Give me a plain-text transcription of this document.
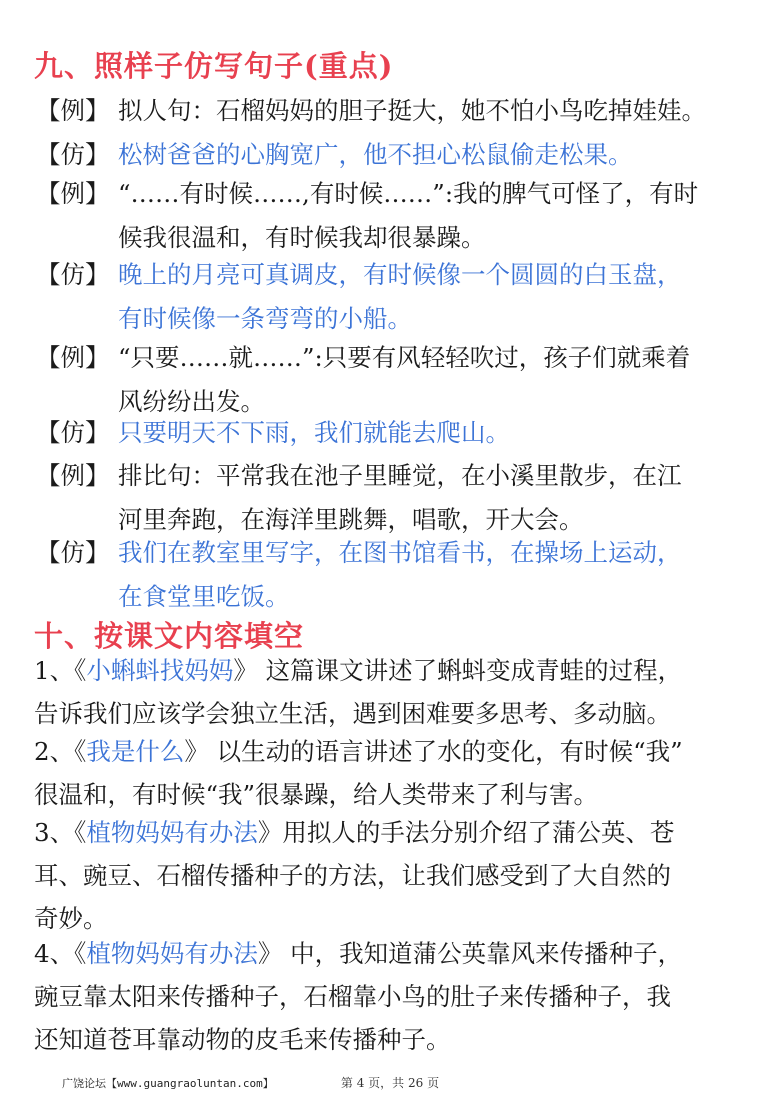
九、照样子仿写句子(重点)
【例】 拟人句：石榴妈妈的胆子挺大，她不怕小鸟吃掉娃娃。
【仿】 松树爸爸的心胸宽广，他不担心松鼠偷走松果。
【例】 “……有时候……,有时候……”:我的脾气可怪了，有时
候我很温和，有时候我却很暴躁。
【仿】 晚上的月亮可真调皮，有时候像一个圆圆的白玉盘，
有时候像一条弯弯的小船。
【例】 “只要……就……”:只要有风轻轻吹过，孩子们就乘着
风纷纷出发。
【仿】 只要明天不下雨，我们就能去爬山。
【例】 排比句：平常我在池子里睡觉，在小溪里散步，在江
河里奔跑，在海洋里跳舞，唱歌，开大会。
【仿】 我们在教室里写字，在图书馆看书，在操场上运动，
在食堂里吃饭。
十、按课文内容填空
1、《小蝌蚪找妈妈》 这篇课文讲述了蝌蚪变成青蛙的过程，
告诉我们应该学会独立生活，遇到困难要多思考、多动脑。
2、《我是什么》 以生动的语言讲述了水的变化，有时候“我”
很温和，有时候“我”很暴躁，给人类带来了利与害。
3、《植物妈妈有办法》用拟人的手法分别介绍了蒲公英、苍
耳、豌豆、石榴传播种子的方法，让我们感受到了大自然的
奇妙。
4、《植物妈妈有办法》 中，我知道蒲公英靠风来传播种子，
豌豆靠太阳来传播种子，石榴靠小鸟的肚子来传播种子，我
还知道苍耳靠动物的皮毛来传播种子。
广饶论坛【www.guangraoluntan.com】	第 4 页，共 26 页
